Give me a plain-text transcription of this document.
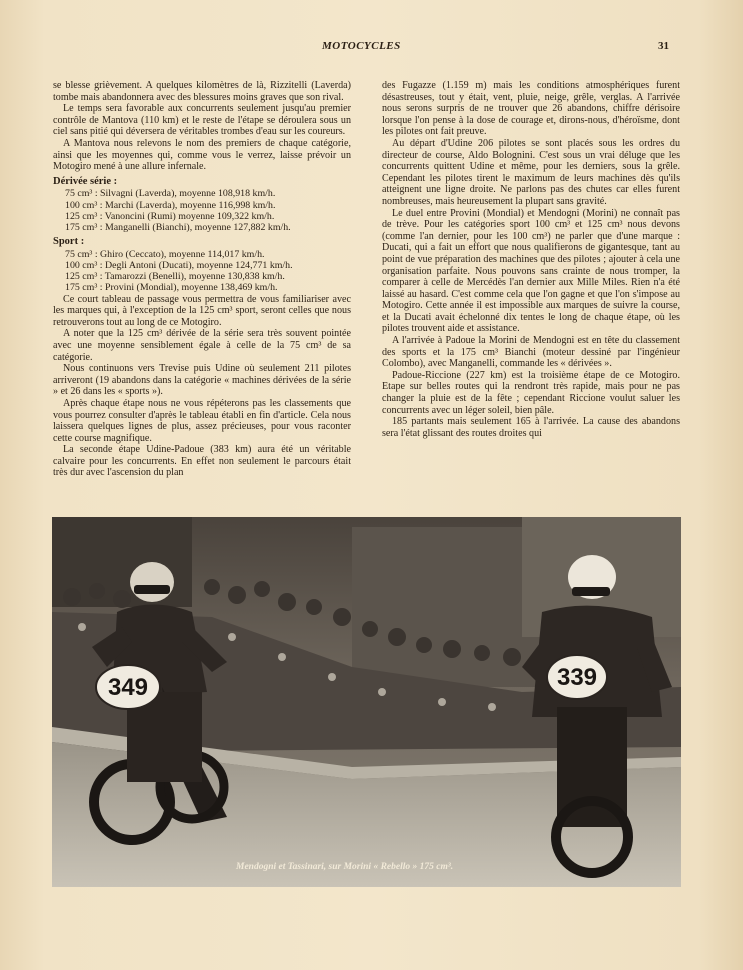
MOTOCYCLES	31

se blesse grièvement. A quelques kilomètres de là, Rizzitelli (Laverda) tombe mais abandonnera avec des blessures moins graves que son rival.

Le temps sera favorable aux concurrents seulement jusqu'au premier contrôle de Mantova (110 km) et le reste de l'étape se déroulera sous un ciel sans pitié qui déversera de véritables trombes d'eau sur les coureurs.

A Mantova nous relevons le nom des premiers de chaque catégorie, ainsi que les moyennes qui, comme vous le verrez, laisse prévoir un Motogiro mené à une allure infernale.

Dérivée série :
75 cm³ : Silvagni (Laverda), moyenne 108,918 km/h.
100 cm³ : Marchi (Laverda), moyenne 116,998 km/h.
125 cm³ : Vanoncini (Rumi) moyenne 109,322 km/h.
175 cm³ : Manganelli (Bianchi), moyenne 127,882 km/h.
Sport :
75 cm³ : Ghiro (Ceccato), moyenne 114,017 km/h.
100 cm³ : Degli Antoni (Ducati), moyenne 124,771 km/h.
125 cm³ : Tamarozzi (Benelli), moyenne 130,838 km/h.
175 cm³ : Provini (Mondial), moyenne 138,469 km/h.

Ce court tableau de passage vous permettra de vous familiariser avec les marques qui, à l'exception de la 125 cm³ sport, seront celles que nous retrouverons tout au long de ce Motogiro.

A noter que la 125 cm³ dérivée de la série sera très souvent pointée avec une moyenne sensiblement égale à celle de la 75 cm³ de sa catégorie.

Nous continuons vers Trevise puis Udine où seulement 211 pilotes arriveront (19 abandons dans la catégorie « machines dérivées de la série » et 26 dans les « sports »).

Après chaque étape nous ne vous répéterons pas les classements que vous pourrez consulter d'après le tableau établi en fin d'article. Cela nous laissera quelques lignes de plus, assez précieuses, pour vous raconter cette course magnifique.

La seconde étape Udine-Padoue (383 km) aura été un véritable calvaire pour les concurrents. En effet non seulement le parcours était très dur avec l'ascension du plan

des Fugazze (1.159 m) mais les conditions atmosphériques furent désastreuses, tout y était, vent, pluie, neige, grêle, verglas. A l'arrivée nous serons surpris de ne trouver que 26 abandons, chiffre dérisoire lorsque l'on pense à la dose de courage et, dirons-nous, d'héroïsme, dont les pilotes ont fait preuve.

Au départ d'Udine 206 pilotes se sont placés sous les ordres du directeur de course, Aldo Bolognini. C'est sous un vrai déluge que les concurrents quittent Udine et même, pour les derniers, sous la grêle. Cependant les pilotes tirent le maximum de leurs machines dès qu'ils atteignent une ligne droite. Ne parlons pas des chutes car elles furent nombreuses, mais heureusement la plupart sans gravité.

Le duel entre Provini (Mondial) et Mendogni (Morini) ne connaît pas de trève. Pour les catégories sport 100 cm³ et 125 cm³ nous devons (comme l'an dernier, pour les 100 cm³) ne parler que d'une marque : Ducati, qui a fait un effort que nous qualifierons de gigantesque, tant au point de vue préparation des machines que des pilotes ; ajouter à cela une organisation parfaite. Nous pouvons sans crainte de nous tromper, la comparer à celle de Mercédès l'an dernier aux Mille Miles. Rien n'a été laissé au hasard. C'est comme cela que l'on gagne et que l'on s'impose au Motogiro. Cette année il est impossible aux marques de suivre la course, et la Ducati avait échelonné dix tentes le long de chaque étape, où les pilotes trouvent aide et assistance.

A l'arrivée à Padoue la Morini de Mendogni est en tête du classement des sports et la 175 cm³ Bianchi (moteur dessiné par l'ingénieur Colombo), avec Manganelli, commande les « dérivées ».

Padoue-Riccione (227 km) est la troisième étape de ce Motogiro. Etape sur belles routes qui la rendront très rapide, mais pour ne pas changer la pluie est de la fête ; cependant Riccione voulut saluer les concurrents avec un léger soleil, bien pâle.

185 partants mais seulement 165 à l'arrivée. La cause des abandons sera l'état glissant des routes droites qui

349	339
Mendogni et Tassinari, sur Morini « Rebello » 175 cm³.
